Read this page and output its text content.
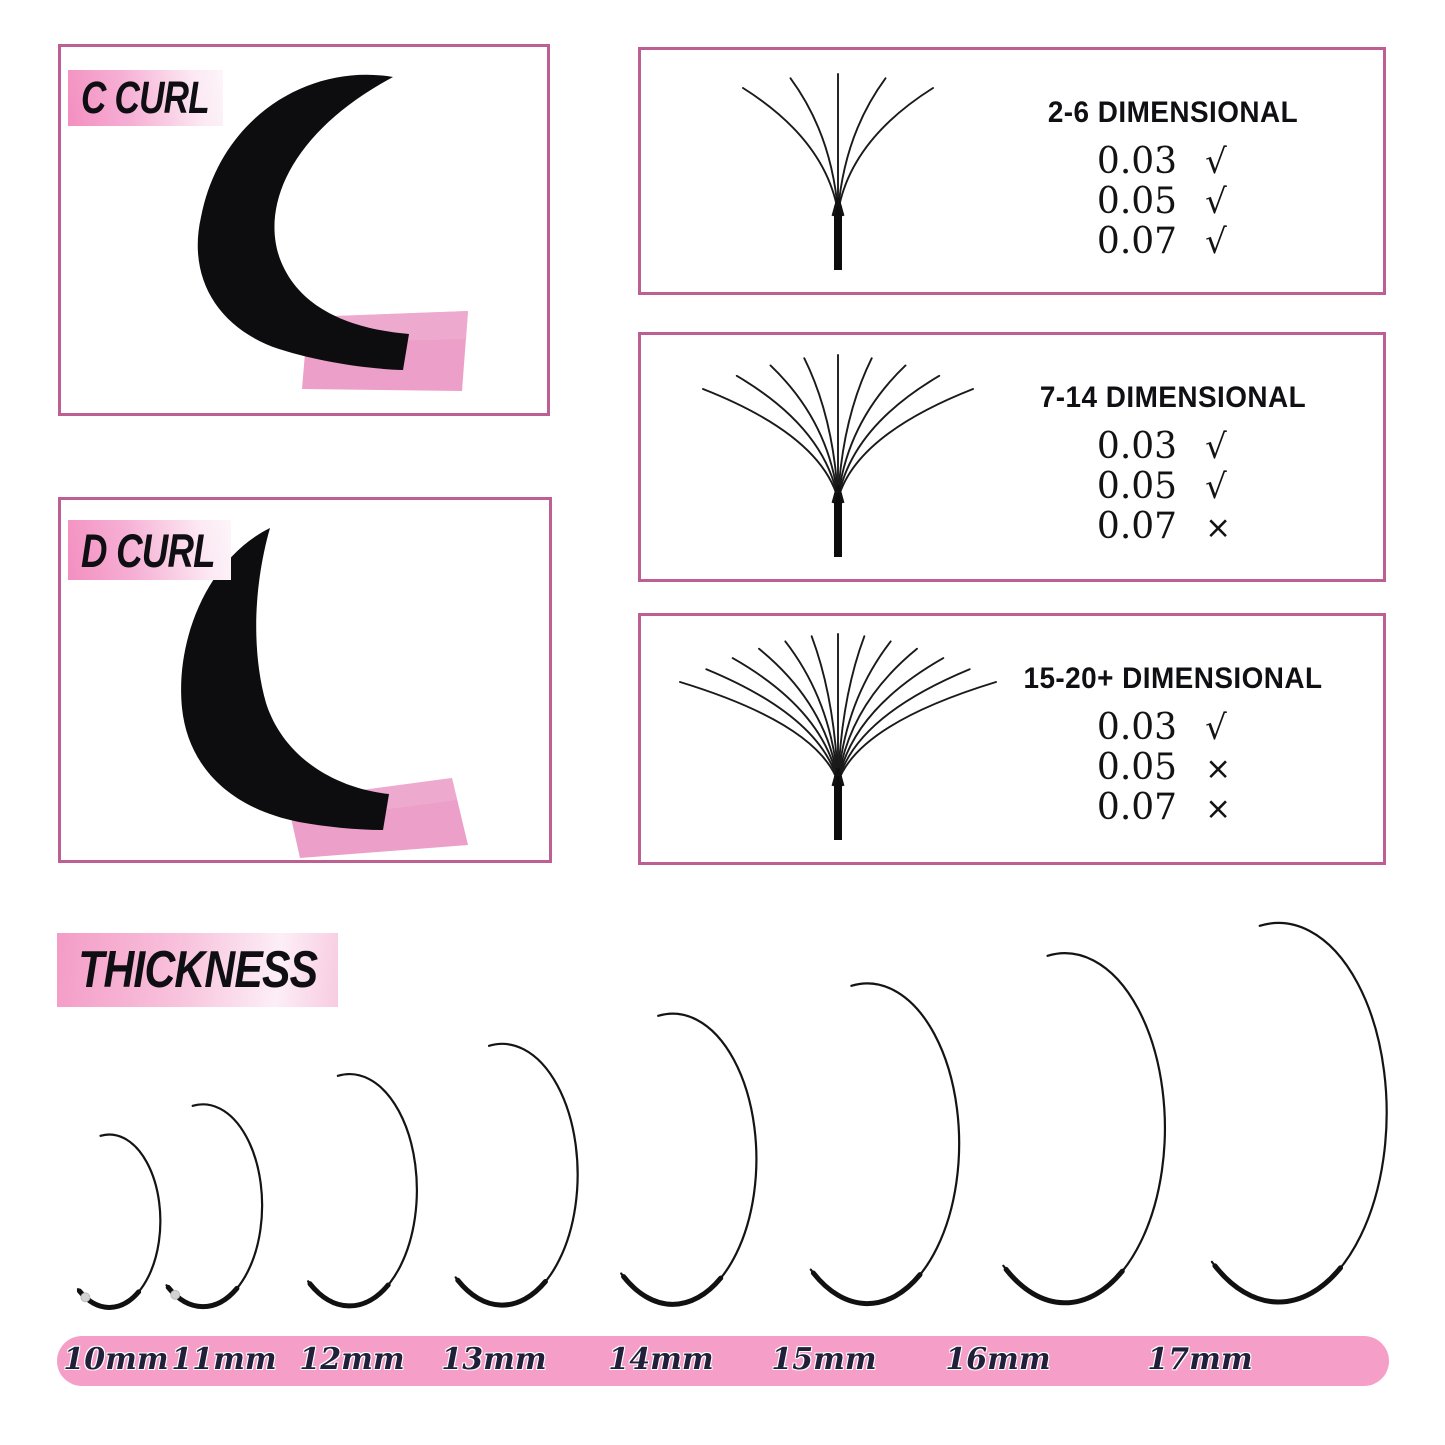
C CURL
D CURL
2-6 DIMENSIONAL
0.03 √
0.05 √
0.07 √
7-14 DIMENSIONAL
0.03 √
0.05 √
0.07 ×
15-20+ DIMENSIONAL
0.03 √
0.05 ×
0.07 ×
THICKNESS
10mm 11mm 12mm 13mm 14mm 15mm 16mm	17mm
